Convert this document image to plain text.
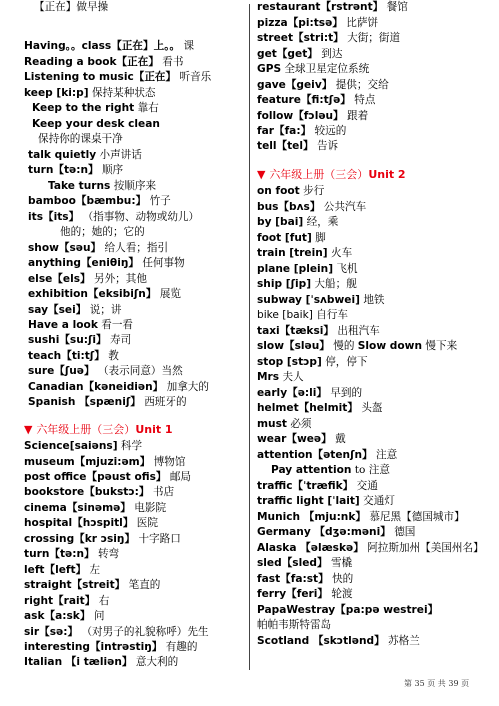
【正在】做早操
Having。。class【正在】上。。 课
Reading a book【正在】 看书
Listening to music【正在】 听音乐
keep [ki:p] 保持某种状态
Keep to the right 靠右
Keep your desk clean
保持你的课桌干净
talk quietly 小声讲话
turn【tə:n】 顺序
Take turns 按顺序来
bamboo【bæmbu:】 竹子
its【its】 （指事物、动物或幼儿）
他的；她的；它的
show【səu】 给人看；指引
anything【eniθiŋ】 任何事物
else【els】 另外；其他
exhibition【eksibiʃn】 展览
say【sei】 说；讲
Have a look 看一看
sushi【su:ʃi】 寿司
teach【ti:tʃ】 教
sure【ʃuə】 （表示同意）当然
Canadian【kəneidiən】 加拿大的
Spanish 【spæniʃ】 西班牙的
▼ 六年级上册（三会）Unit 1
Science[saiəns] 科学
museum【mjuzi:əm】 博物馆
post office【pəust ofis】 邮局
bookstore【bukstɔ:】 书店
cinema【sinəmə】 电影院
hospital【hɔspitl】 医院
crossing【kr ɔsiŋ】 十字路口
turn【tə:n】 转弯
left【left】 左
straight【streit】 笔直的
right【rait】 右
ask【a:sk】 问
sir【sə:】 （对男子的礼貌称呼）先生
interesting【intrəstiŋ】 有趣的
Italian 【i tæliən】 意大利的
restaurant【rstrənt】 餐馆
pizza【pi:tsə】 比萨饼
street【stri:t】 大街；街道
get【get】 到达
GPS 全球卫星定位系统
gave【geiv】 提供；交给
feature【fi:tʃə】 特点
follow【fɔləu】 跟着
far【fa:】 较远的
tell【tel】 告诉
▼ 六年级上册（三会）Unit 2
on foot 步行
bus【bʌs】 公共汽车
by [bai] 经，乘
foot [fut] 脚
train [trein] 火车
plane [plein] 飞机
ship [ʃip] 大船；舰
subway [ˈsʌbwei] 地铁
bike [baik] 自行车
taxi【tæksi】 出租汽车
slow【sləu】 慢的 Slow down 慢下来
stop [stɔp] 停，停下
Mrs 夫人
early【ə:li】 早到的
helmet【helmit】 头盔
must 必须
wear【weə】 戴
attention【ətenʃn】 注意
Pay attention to 注意
traffic【ˈtræfik】 交通
traffic light [ˈlait] 交通灯
Munich 【mju:nk】 慕尼黑【德国城市】
Germany 【dʒə:məni】 德国
Alaska 【əlæskə】 阿拉斯加州【美国州名】
sled【sled】 雪橇
fast【fa:st】 快的
ferry【feri】 轮渡
PapaWestray【pa:pə westrei】
帕帕韦斯特雷岛
Scotland 【skɔtlənd】 苏格兰
第 35 页 共 39 页
